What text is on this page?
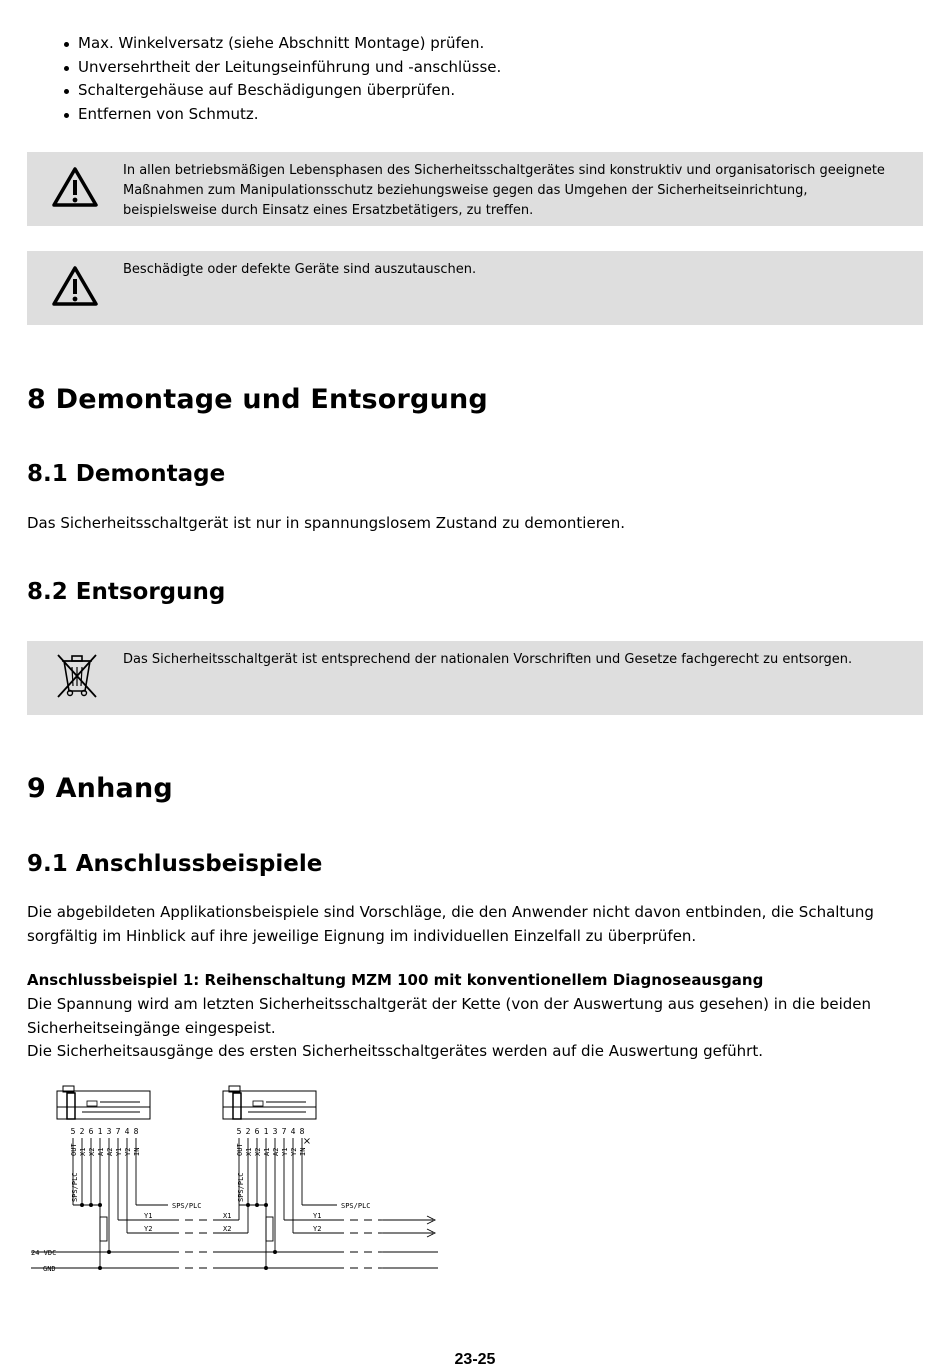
Max. Winkelversatz (siehe Abschnitt Montage) prüfen.
Unversehrtheit der Leitungseinführung und -anschlüsse.
Schaltergehäuse auf Beschädigungen überprüfen.
Entfernen von Schmutz.
In allen betriebsmäßigen Lebensphasen des Sicherheitsschaltgerätes sind konstruktiv und organisatorisch geeignete Maßnahmen zum Manipulationsschutz beziehungsweise gegen das Umgehen der Sicherheitseinrichtung, beispielsweise durch Einsatz eines Ersatzbetätigers, zu treffen.
Beschädigte oder defekte Geräte sind auszutauschen.
8 Demontage und Entsorgung
8.1 Demontage

Das Sicherheitsschaltgerät ist nur in spannungslosem Zustand zu demontieren.

8.2 Entsorgung
Das Sicherheitsschaltgerät ist entsprechend der nationalen Vorschriften und Gesetze fachgerecht zu entsorgen.
9 Anhang
9.1 Anschlussbeispiele

Die abgebildeten Applikationsbeispiele sind Vorschläge, die den Anwender nicht davon entbinden, die Schaltung sorgfältig im Hinblick auf ihre jeweilige Eignung im individuellen Einzelfall zu überprüfen.

Anschlussbeispiel 1: Reihenschaltung MZM 100 mit konventionellem Diagnoseausgang

Die Spannung wird am letzten Sicherheitsschaltgerät der Kette (von der Auswertung aus gesehen) in die beiden Sicherheitseingänge eingespeist.

Die Sicherheitsausgänge des ersten Sicherheitsschaltgerätes werden auf die Auswertung geführt.

5 2 6 1 3 7 4 8	5 2 6 1 3 7 4 8
OUT X1 X2 A1 A2 Y1 Y2 IN	OUT X1 X2 A1 A2 Y1 Y2 IN
SPS/PLC	SPS/PLC
SPS/PLC	SPS/PLC
Y1
Y2
X1
X2
Y1
Y2
24 VDC
GND
×
23-25
